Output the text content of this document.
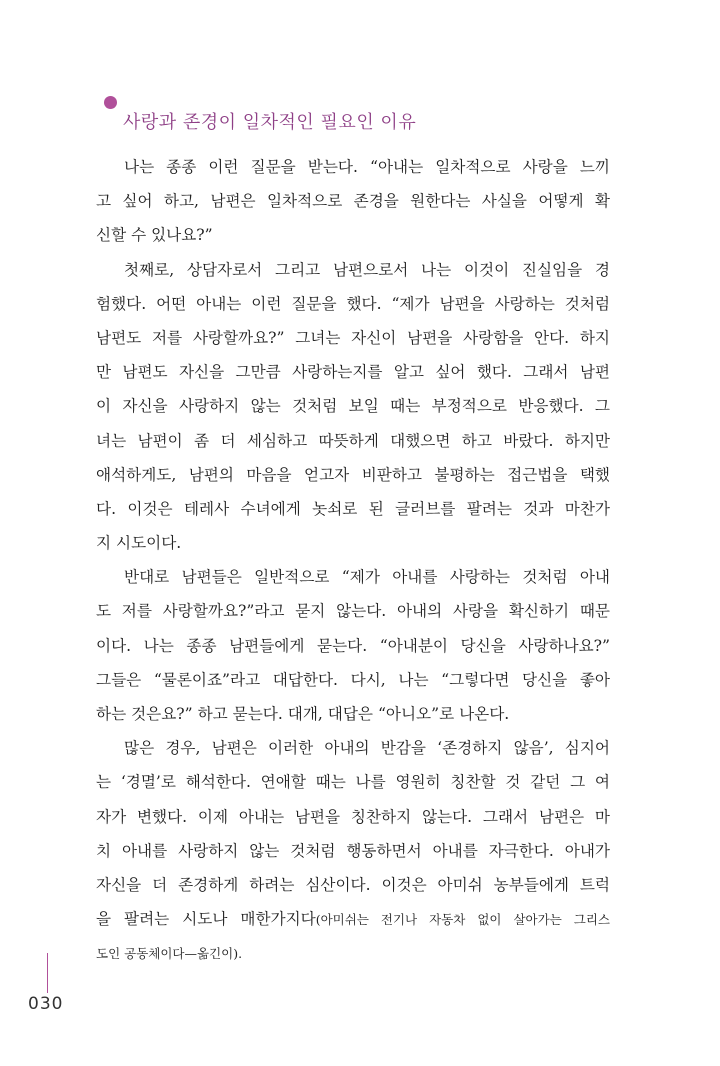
사랑과 존경이 일차적인 필요인 이유
나는 종종 이런 질문을 받는다. “아내는 일차적으로 사랑을 느끼
고 싶어 하고, 남편은 일차적으로 존경을 원한다는 사실을 어떻게 확
신할 수 있나요?”
첫째로, 상담자로서 그리고 남편으로서 나는 이것이 진실임을 경
험했다. 어떤 아내는 이런 질문을 했다. “제가 남편을 사랑하는 것처럼
남편도 저를 사랑할까요?” 그녀는 자신이 남편을 사랑함을 안다. 하지
만 남편도 자신을 그만큼 사랑하는지를 알고 싶어 했다. 그래서 남편
이 자신을 사랑하지 않는 것처럼 보일 때는 부정적으로 반응했다. 그
녀는 남편이 좀 더 세심하고 따뜻하게 대했으면 하고 바랐다. 하지만
애석하게도, 남편의 마음을 얻고자 비판하고 불평하는 접근법을 택했
다. 이것은 테레사 수녀에게 놋쇠로 된 글러브를 팔려는 것과 마찬가
지 시도이다.
반대로 남편들은 일반적으로 “제가 아내를 사랑하는 것처럼 아내
도 저를 사랑할까요?”라고 묻지 않는다. 아내의 사랑을 확신하기 때문
이다. 나는 종종 남편들에게 묻는다. “아내분이 당신을 사랑하나요?”
그들은 “물론이죠”라고 대답한다. 다시, 나는 “그렇다면 당신을 좋아
하는 것은요?” 하고 묻는다. 대개, 대답은 “아니오”로 나온다.
많은 경우, 남편은 이러한 아내의 반감을 ‘존경하지 않음’, 심지어
는 ‘경멸’로 해석한다. 연애할 때는 나를 영원히 칭찬할 것 같던 그 여
자가 변했다. 이제 아내는 남편을 칭찬하지 않는다. 그래서 남편은 마
치 아내를 사랑하지 않는 것처럼 행동하면서 아내를 자극한다. 아내가
자신을 더 존경하게 하려는 심산이다. 이것은 아미쉬 농부들에게 트럭
을 팔려는 시도나 매한가지다(아미쉬는 전기나 자동차 없이 살아가는 그리스
도인 공동체이다—옮긴이).
030
